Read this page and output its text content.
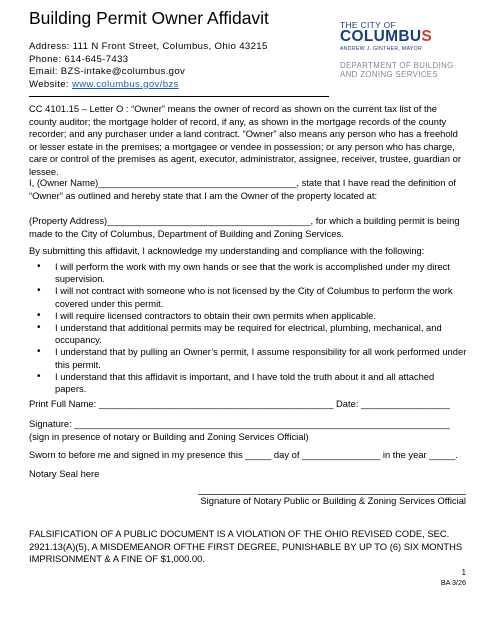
Building Permit Owner Affidavit
Address: 111 N Front Street, Columbus, Ohio 43215
Phone: 614-645-7433
Email: BZS-intake@columbus.gov
Website: www.columbus.gov/bzs
THE CITY OF
COLUMBUS
ANDREW J. GINTHER, MAYOR
DEPARTMENT OF BUILDING
AND ZONING SERVICES
CC 4101.15 – Letter O : “Owner” means the owner of record as shown on the current tax list of the county auditor; the mortgage holder of record, if any, as shown in the mortgage records of the county recorder; and any purchaser under a land contract. “Owner” also means any person who has a freehold or lesser estate in the premises; a mortgagee or vendee in possession; or any person who has charge, care or control of the premises as agent, executor, administrator, assignee, receiver, trustee, guardian or lessee.
I, (Owner Name)______________________________________, state that I have read the definition of “Owner” as outlined and hereby state that I am the Owner of the property located at:
(Property Address)_______________________________________, for which a building permit is being made to the City of Columbus, Department of Building and Zoning Services.
By submitting this affidavit, I acknowledge my understanding and compliance with the following:
• I will perform the work with my own hands or see that the work is accomplished under my direct supervision.
• I will not contract with someone who is not licensed by the City of Columbus to perform the work covered under this permit.
• I will require licensed contractors to obtain their own permits when applicable.
• I understand that additional permits may be required for electrical, plumbing, mechanical, and occupancy.
• I understand that by pulling an Owner’s permit, I assume responsibility for all work performed under this permit.
• I understand that this affidavit is important, and I have told the truth about it and all attached papers.
Print Full Name: _____________________________________________ Date: _________________
Signature: ________________________________________________________________________
(sign in presence of notary or Building and Zoning Services Official)
Sworn to before me and signed in my presence this _____ day of _______________ in the year _____.
Notary Seal here
Signature of Notary Public or Building & Zoning Services Official
FALSIFICATION OF A PUBLIC DOCUMENT IS A VIOLATION OF THE OHIO REVISED CODE, SEC. 2921.13(A)(5), A MISDEMEANOR OFTHE FIRST DEGREE, PUNISHABLE BY UP TO (6) SIX MONTHS IMPRISONMENT & A FINE OF $1,000.00.
1
BA 3/26
